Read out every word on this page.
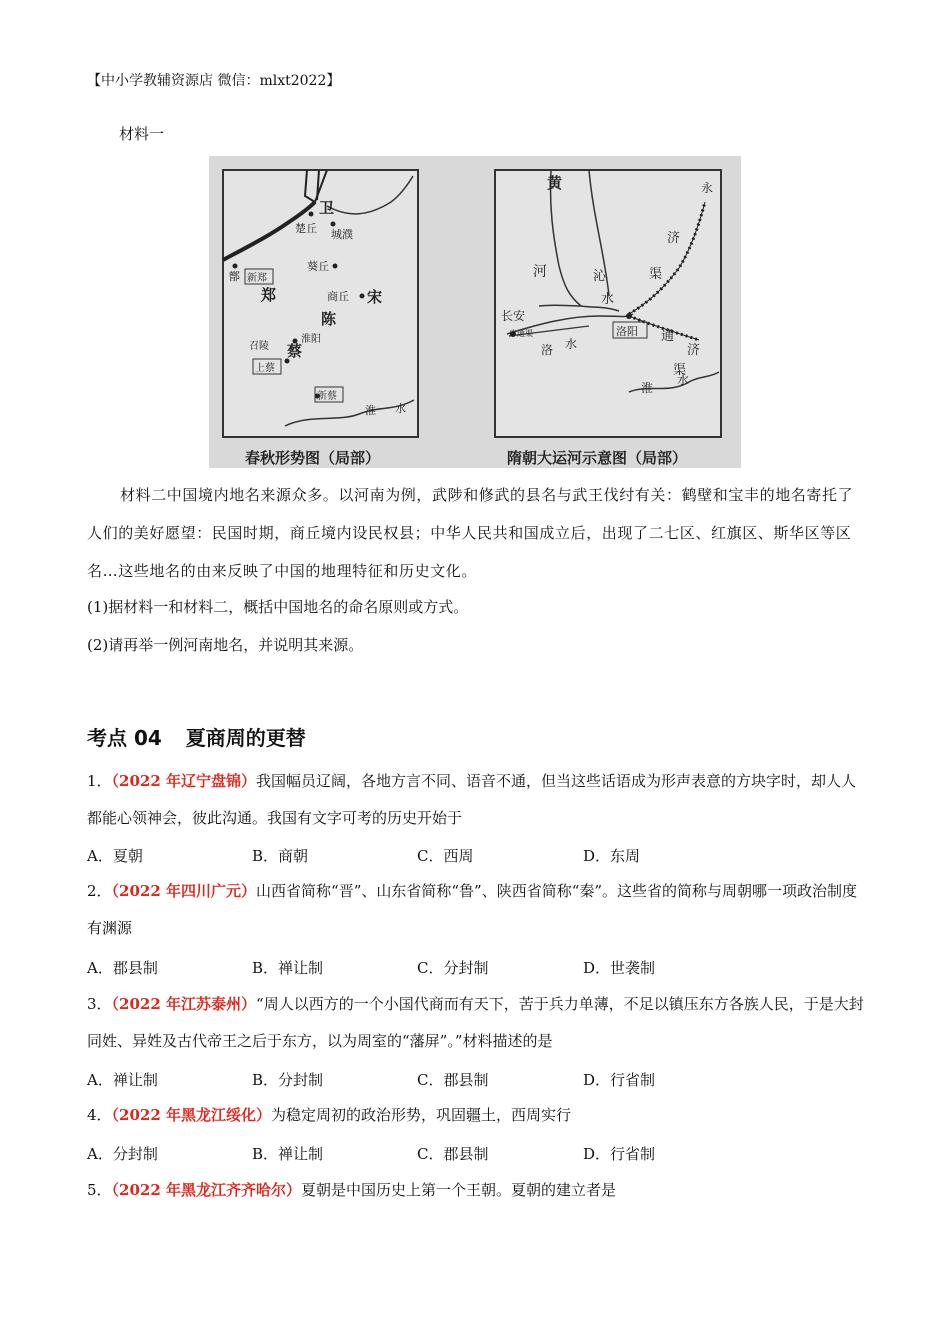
【中小学教辅资源店 微信：mlxt2022】
材料一
卫
楚丘 城濮
葵丘
鄫 新郑
郑	商丘 宋
陈
淮阳
召陵 蔡
上蔡
新蔡
淮 水
春秋形势图（局部）
黄
河	沁
水
永
济
渠
长安
广通渠	洛阳
洛 水	通
济
渠
淮
水
隋朝大运河示意图（局部）
材料二中国境内地名来源众多。以河南为例，武陟和修武的县名与武王伐纣有关：鹤壁和宝丰的地名寄托了人们的美好愿望：民国时期，商丘境内设民权县；中华人民共和国成立后，出现了二七区、红旗区、斯华区等区名…这些地名的由来反映了中国的地理特征和历史文化。
(1)据材料一和材料二，概括中国地名的命名原则或方式。
(2)请再举一例河南地名，并说明其来源。
考点 04 夏商周的更替
1．（2022 年辽宁盘锦）我国幅员辽阔，各地方言不同、语音不通，但当这些话语成为形声表意的方块字时，却人人都能心领神会，彼此沟通。我国有文字可考的历史开始于
A．夏朝	B．商朝	C．西周	D．东周
2．（2022 年四川广元）山西省简称“晋”、山东省简称“鲁”、陕西省简称“秦”。这些省的简称与周朝哪一项政治制度有渊源
A．郡县制	B．禅让制	C．分封制	D．世袭制
3．（2022 年江苏泰州）“周人以西方的一个小国代商而有天下，苦于兵力单薄，不足以镇压东方各族人民，于是大封同姓、异姓及古代帝王之后于东方，以为周室的“藩屏”。”材料描述的是
A．禅让制	B．分封制	C．郡县制	D．行省制
4．（2022 年黑龙江绥化）为稳定周初的政治形势，巩固疆土，西周实行
A．分封制	B．禅让制	C．郡县制	D．行省制
5．（2022 年黑龙江齐齐哈尔）夏朝是中国历史上第一个王朝。夏朝的建立者是
